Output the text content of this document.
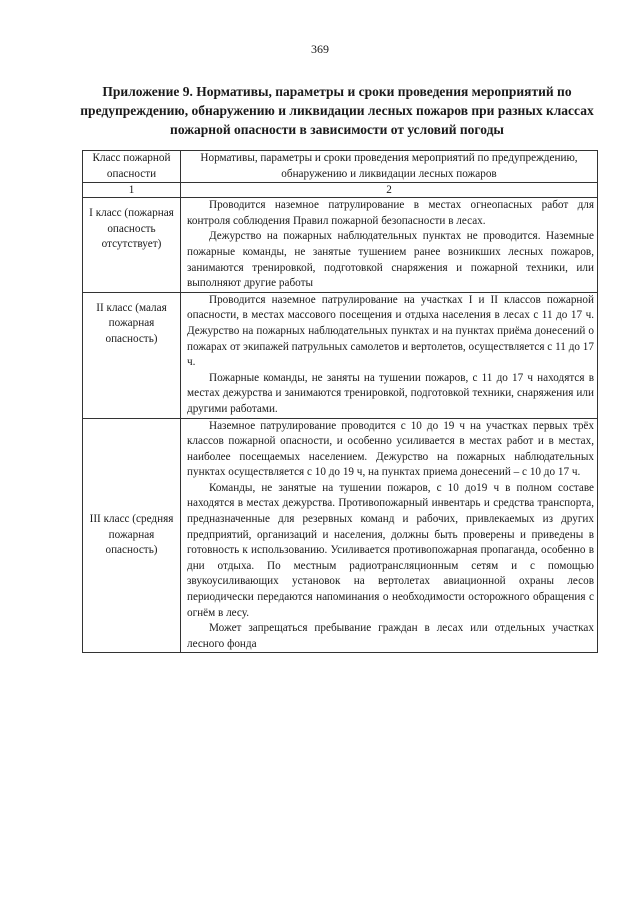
369
Приложение 9. Нормативы, параметры и сроки проведения мероприятий по предупреждению, обнаружению и ликвидации лесных пожаров при разных классах пожарной опасности в зависимости от условий погоды
Класс пожарной опасности	Нормативы, параметры и сроки проведения мероприятий по предупреждению, обнаружению и ликвидации лесных пожаров
1	2
I класс (пожарная опасность отсутствует)	Проводится наземное патрулирование в местах огнеопасных работ для контроля соблюдения Правил пожарной безопасности в лесах.

Дежурство на пожарных наблюдательных пунктах не проводится. Наземные пожарные команды, не занятые тушением ранее возникших лесных пожаров, занимаются тренировкой, подготовкой снаряжения и пожарной техники, или выполняют другие работы

II класс (малая пожарная опасность)	Проводится наземное патрулирование на участках I и II классов пожарной опасности, в местах массового посещения и отдыха населения в лесах с 11 до 17 ч. Дежурство на пожарных наблюдательных пунктах и на пунктах приёма донесений о пожарах от экипажей патрульных самолетов и вертолетов, осуществляется с 11 до 17 ч.

Пожарные команды, не заняты на тушении пожаров, с 11 до 17 ч находятся в местах дежурства и занимаются тренировкой, подготовкой техники, снаряжения или другими работами.

III класс (средняя пожарная опасность)	Наземное патрулирование проводится с 10 до 19 ч на участках первых трёх классов пожарной опасности, и особенно усиливается в местах работ и в местах, наиболее посещаемых населением. Дежурство на пожарных наблюдательных пунктах осуществляется с 10 до 19 ч, на пунктах приема донесений – с 10 до 17 ч.

Команды, не занятые на тушении пожаров, с 10 до19 ч в полном составе находятся в местах дежурства. Противопожарный инвентарь и средства транспорта, предназначенные для резервных команд и рабочих, привлекаемых из других предприятий, организаций и населения, должны быть проверены и приведены в готовность к использованию. Усиливается противопожарная пропаганда, особенно в дни отдыха. По местным радиотрансляционным сетям и с помощью звукоусиливающих установок на вертолетах авиационной охраны лесов периодически передаются напоминания о необходимости осторожного обращения с огнём в лесу.

Может запрещаться пребывание граждан в лесах или отдельных участках лесного фонда
